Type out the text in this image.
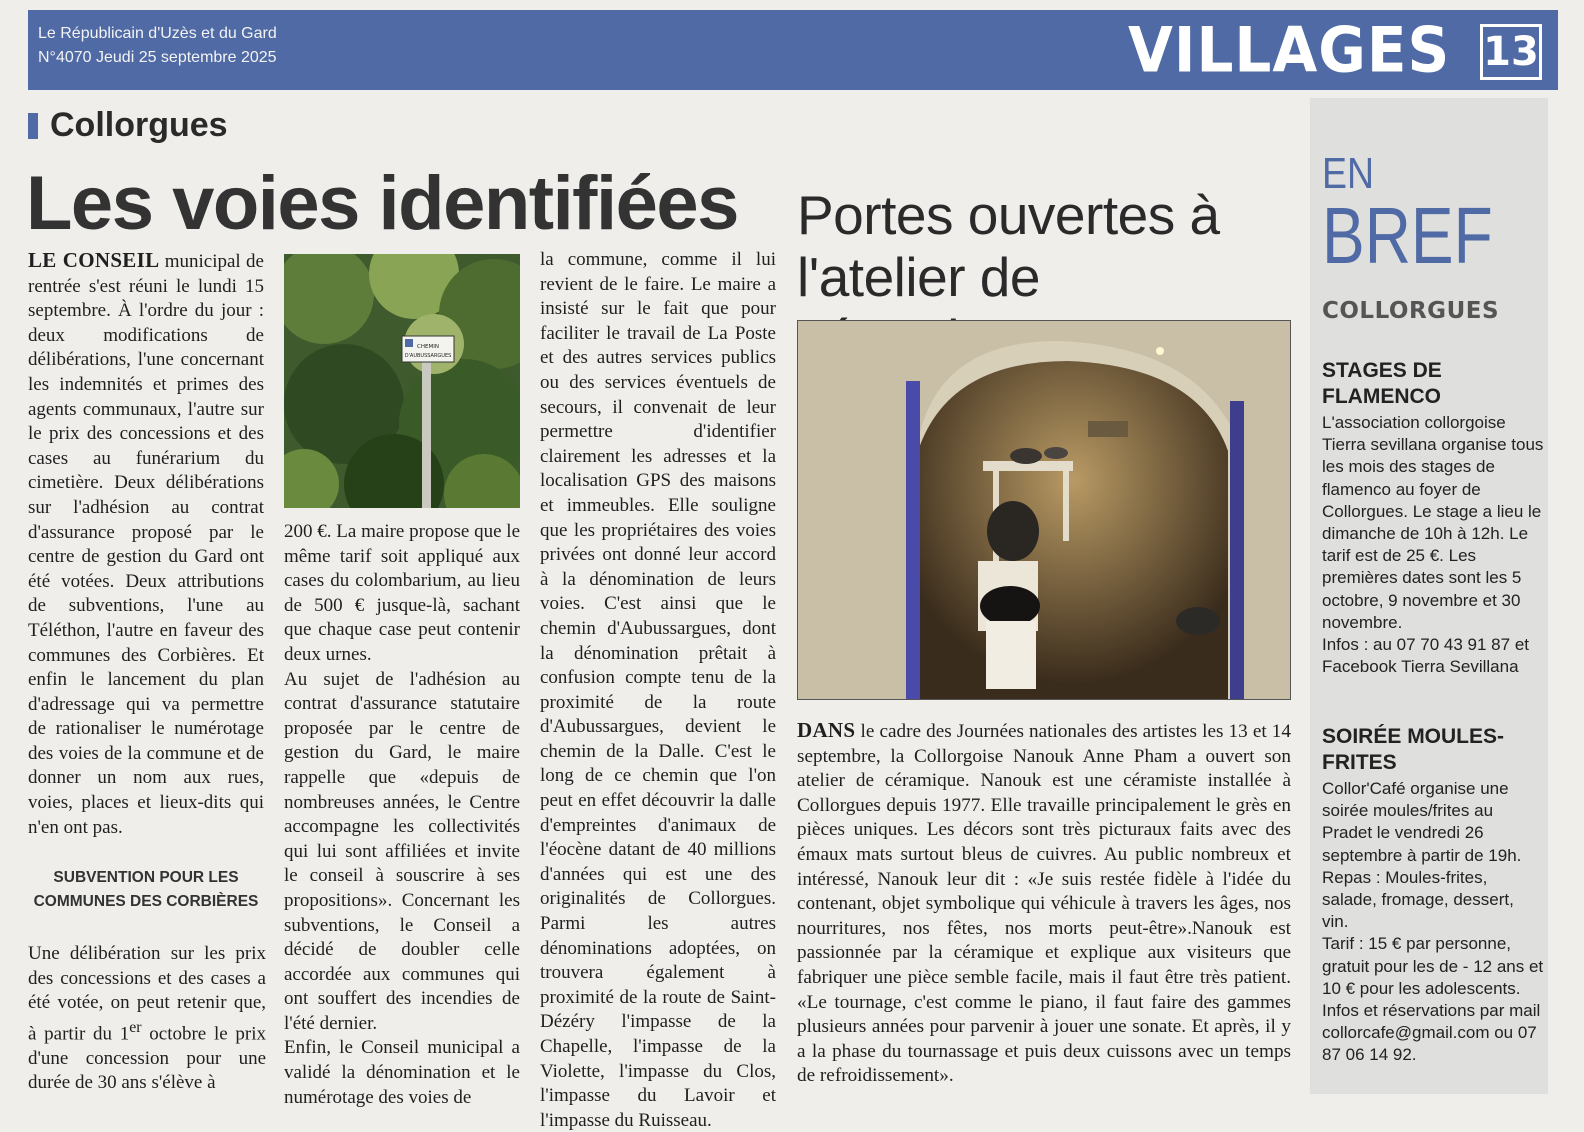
Le Républicain d'Uzès et du Gard
N°4070 Jeudi 25 septembre 2025	VILLAGES 13
Collorgues
Les voies identifiées
LE CONSEIL municipal de rentrée s'est réuni le lundi 15 septembre. À l'ordre du jour : deux modifications de délibérations, l'une concernant les indemnités et primes des agents communaux, l'autre sur le prix des concessions et des cases au funérarium du cimetière. Deux délibérations sur l'adhésion au contrat d'assurance proposé par le centre de gestion du Gard ont été votées. Deux attributions de subventions, l'une au Téléthon, l'autre en faveur des communes des Corbières. Et enfin le lancement du plan d'adressage qui va permettre de rationaliser le numérotage des voies de la commune et de donner un nom aux rues, voies, places et lieux-dits qui n'en ont pas.
SUBVENTION POUR LES COMMUNES DES CORBIÈRES
Une délibération sur les prix des concessions et des cases a été votée, on peut retenir que, à partir du 1er octobre le prix d'une concession pour une durée de 30 ans s'élève à
CHEMIN
D'AUBUSSARGUES
200 €. La maire propose que le même tarif soit appliqué aux cases du colombarium, au lieu de 500 € jusque-là, sachant que chaque case peut contenir deux urnes.
Au sujet de l'adhésion au contrat d'assurance statutaire proposée par le centre de gestion du Gard, le maire rappelle que «depuis de nombreuses années, le Centre accompagne les collectivités qui lui sont affiliées et invite le conseil à souscrire à ses propositions». Concernant les subventions, le Conseil a décidé de doubler celle accordée aux communes qui ont souffert des incendies de l'été dernier.
Enfin, le Conseil municipal a validé la dénomination et le numérotage des voies de
la commune, comme il lui revient de le faire. Le maire a insisté sur le fait que pour faciliter le travail de La Poste et des autres services publics ou des services éventuels de secours, il convenait de leur permettre d'identifier clairement les adresses et la localisation GPS des maisons et immeubles. Elle souligne que les propriétaires des voies privées ont donné leur accord à la dénomination de leurs voies. C'est ainsi que le chemin d'Aubussargues, dont la dénomination prêtait à confusion compte tenu de la proximité de la route d'Aubussargues, devient le chemin de la Dalle. C'est le long de ce chemin que l'on peut en effet découvrir la dalle d'empreintes d'animaux de l'éocène datant de 40 millions d'années qui est une des originalités de Collorgues. Parmi les autres dénominations adoptées, on trouvera également à proximité de la route de Saint-Dézéry l'impasse de la Chapelle, l'impasse de la Violette, l'impasse du Clos, l'impasse du Lavoir et l'impasse du Ruisseau.
Portes ouvertes à l'atelier de
DANS le cadre des Journées nationales des artistes les 13 et 14 septembre, la Collorgoise Nanouk Anne Pham a ouvert son atelier de céramique. Nanouk est une céramiste installée à Collorgues depuis 1977. Elle travaille principalement le grès en pièces uniques. Les décors sont très picturaux faits avec des émaux mats surtout bleus de cuivres. Au public nombreux et intéressé, Nanouk leur dit : «Je suis restée fidèle à l'idée du contenant, objet symbolique qui véhicule à travers les âges, nos nourritures, nos fêtes, nos morts peut-être».Nanouk est passionnée par la céramique et explique aux visiteurs que fabriquer une pièce semble facile, mais il faut être très patient. «Le tournage, c'est comme le piano, il faut faire des gammes plusieurs années pour parvenir à jouer une sonate. Et après, il y a la phase du tournassage et puis deux cuissons avec un temps de refroidissement».
EN
BREF
COLLORGUES
STAGES DE FLAMENCO
L'association collorgoise Tierra sevillana organise tous les mois des stages de flamenco au foyer de Collorgues. Le stage a lieu le dimanche de 10h à 12h. Le tarif est de 25 €. Les premières dates sont les 5 octobre, 9 novembre et 30 novembre.
Infos : au 07 70 43 91 87 et Facebook Tierra Sevillana
SOIRÉE MOULES-FRITES
Collor'Café organise une soirée moules/frites au Pradet le vendredi 26 septembre à partir de 19h. Repas : Moules-frites, salade, fromage, dessert, vin.
Tarif : 15 € par personne, gratuit pour les de - 12 ans et 10 € pour les adolescents.
Infos et réservations par mail collorcafe@gmail.com ou 07 87 06 14 92.
